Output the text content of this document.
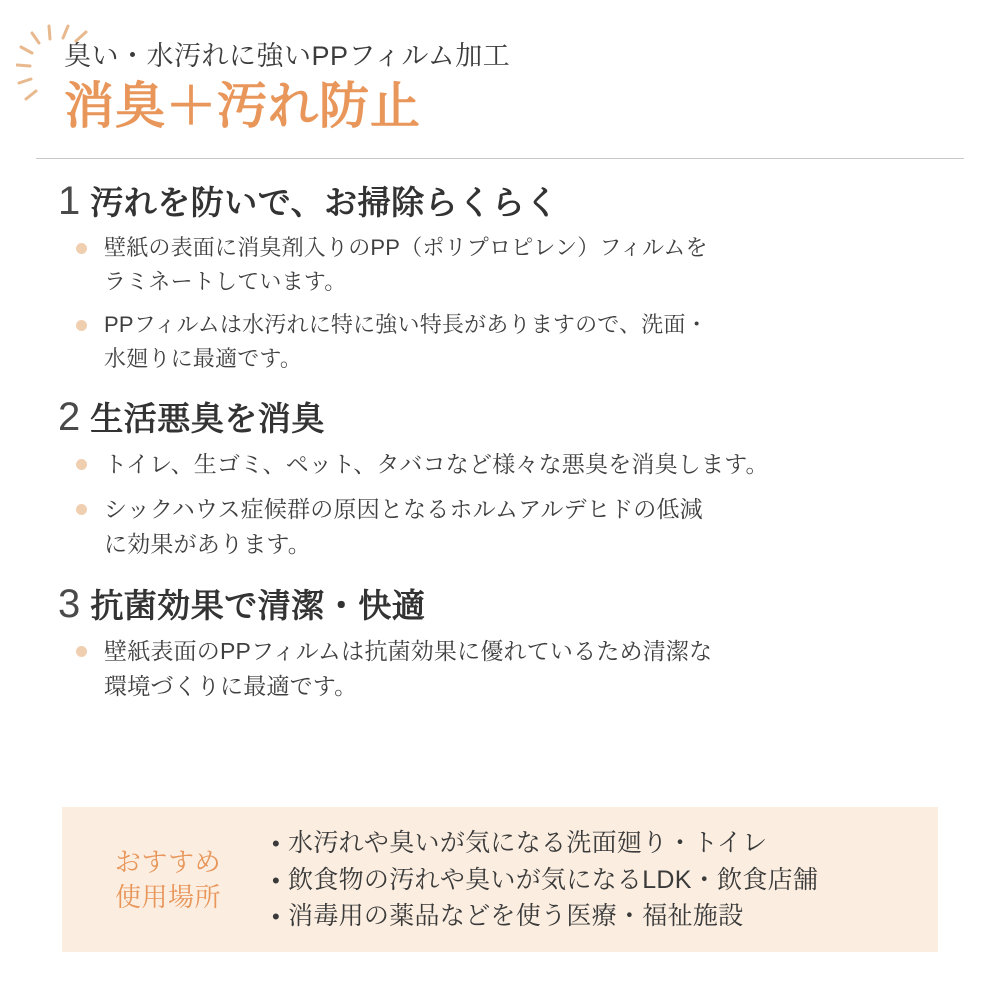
臭い・水汚れに強いPPフィルム加工
消臭＋汚れ防止
1 汚れを防いで、お掃除らくらく
壁紙の表面に消臭剤入りのPP（ポリプロピレン）フィルムを
ラミネートしています。
PPフィルムは水汚れに特に強い特長がありますので、洗面・
水廻りに最適です。
2 生活悪臭を消臭
トイレ、生ゴミ、ペット、タバコなど様々な悪臭を消臭します。
シックハウス症候群の原因となるホルムアルデヒドの低減
に効果があります。
3 抗菌効果で清潔・快適
壁紙表面のPPフィルムは抗菌効果に優れているため清潔な
環境づくりに最適です。
おすすめ
使用場所
• 水汚れや臭いが気になる洗面廻り・トイレ
• 飲食物の汚れや臭いが気になるLDK・飲食店舗
• 消毒用の薬品などを使う医療・福祉施設
